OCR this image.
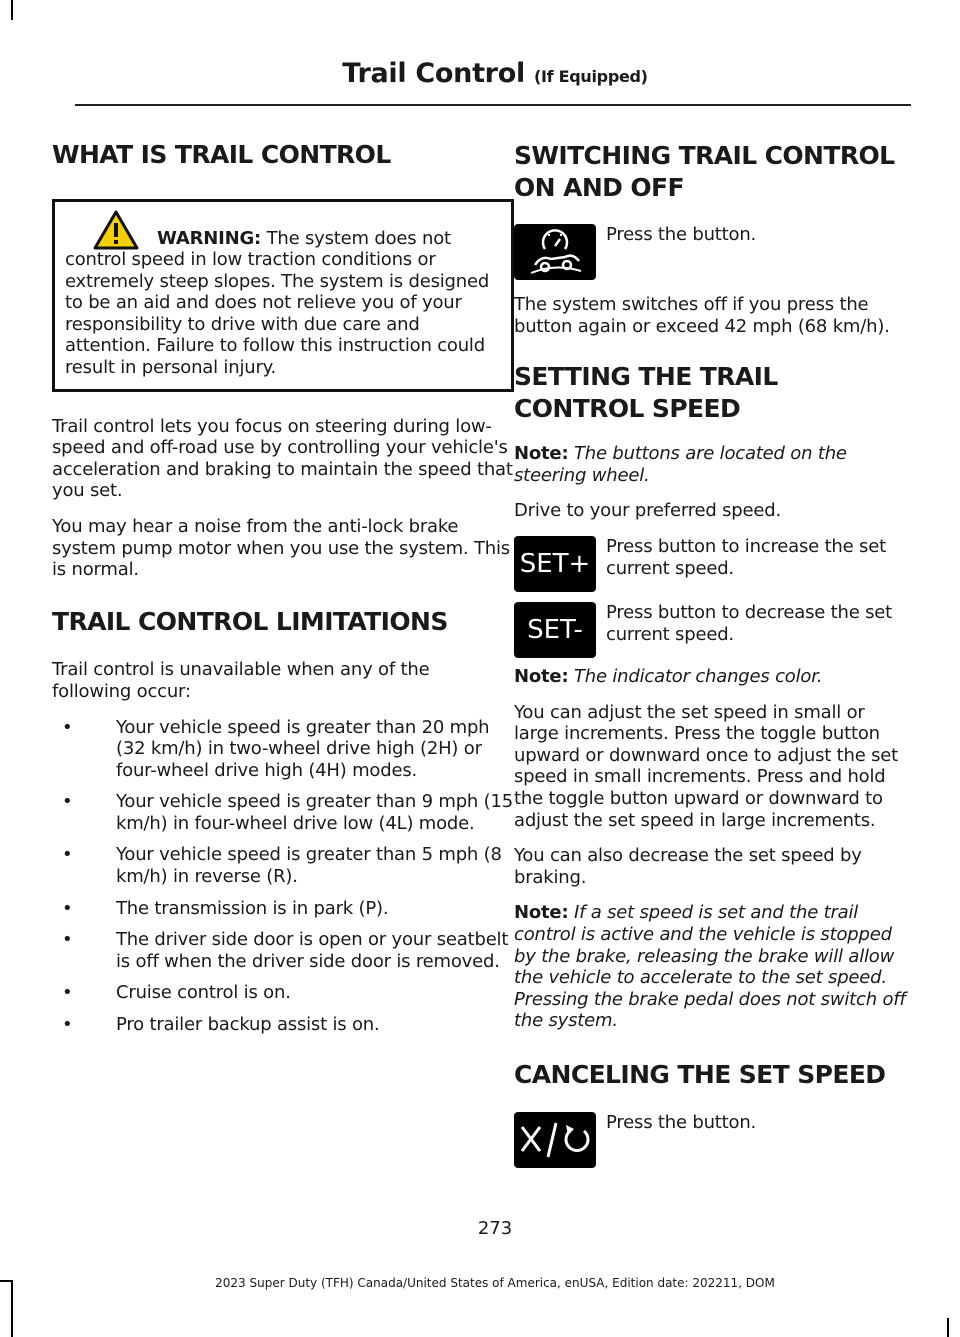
Trail Control (If Equipped)
WHAT IS TRAIL CONTROL
WARNING: The system does not control speed in low traction conditions or extremely steep slopes. The system is designed to be an aid and does not relieve you of your responsibility to drive with due care and attention. Failure to follow this instruction could result in personal injury.

Trail control lets you focus on steering during low-speed and off-road use by controlling your vehicle's acceleration and braking to maintain the speed that you set.

You may hear a noise from the anti-lock brake system pump motor when you use the system. This is normal.

TRAIL CONTROL LIMITATIONS

Trail control is unavailable when any of the following occur:

• Your vehicle speed is greater than 20 mph (32 km/h) in two-wheel drive high (2H) or four-wheel drive high (4H) modes.
• Your vehicle speed is greater than 9 mph (15 km/h) in four-wheel drive low (4L) mode.
• Your vehicle speed is greater than 5 mph (8 km/h) in reverse (R).
• The transmission is in park (P).
• The driver side door is open or your seatbelt is off when the driver side door is removed.
• Cruise control is on.
• Pro trailer backup assist is on.
SWITCHING TRAIL CONTROL ON AND OFF
Press the button.

The system switches off if you press the button again or exceed 42 mph (68 km/h).

SETTING THE TRAIL CONTROL SPEED

Note: The buttons are located on the steering wheel.

Drive to your preferred speed.

SET+
Press button to increase the set current speed.
SET-
Press button to decrease the set current speed.

Note: The indicator changes color.

You can adjust the set speed in small or large increments. Press the toggle button upward or downward once to adjust the set speed in small increments. Press and hold the toggle button upward or downward to adjust the set speed in large increments.

You can also decrease the set speed by braking.

Note: If a set speed is set and the trail control is active and the vehicle is stopped by the brake, releasing the brake will allow the vehicle to accelerate to the set speed. Pressing the brake pedal does not switch off the system.

CANCELING THE SET SPEED
Press the button.
273
2023 Super Duty (TFH) Canada/United States of America, enUSA, Edition date: 202211, DOM
